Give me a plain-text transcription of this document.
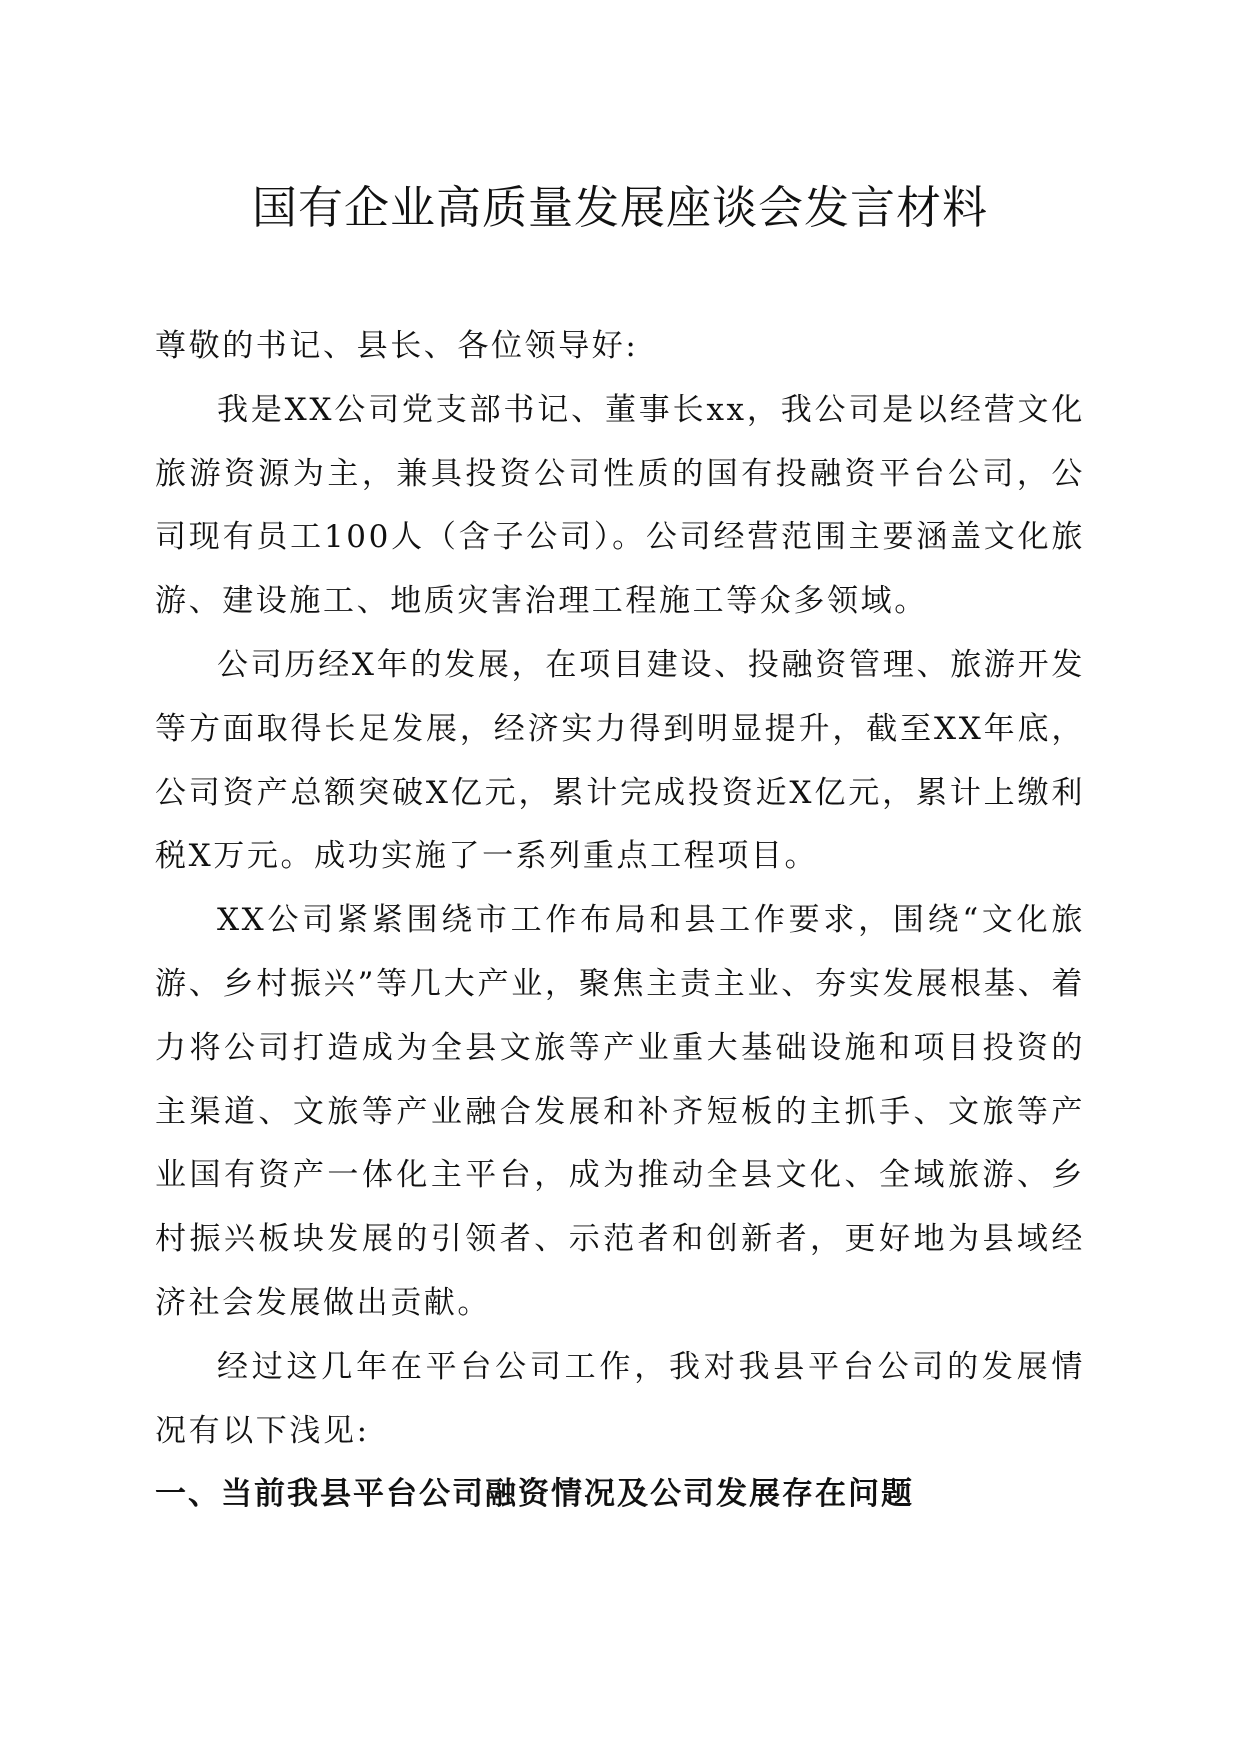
国有企业高质量发展座谈会发言材料

尊敬的书记、县长、各位领导好:

我是XX公司党支部书记、董事长xx，我公司是以经营文化旅游资源为主，兼具投资公司性质的国有投融资平台公司，公司现有员工100人（含子公司）。公司经营范围主要涵盖文化旅游、建设施工、地质灾害治理工程施工等众多领域。

公司历经X年的发展，在项目建设、投融资管理、旅游开发等方面取得长足发展，经济实力得到明显提升，截至XX年底，公司资产总额突破X亿元，累计完成投资近X亿元，累计上缴利税X万元。成功实施了一系列重点工程项目。

XX公司紧紧围绕市工作布局和县工作要求，围绕“文化旅游、乡村振兴”等几大产业，聚焦主责主业、夯实发展根基、着力将公司打造成为全县文旅等产业重大基础设施和项目投资的主渠道、文旅等产业融合发展和补齐短板的主抓手、文旅等产业国有资产一体化主平台，成为推动全县文化、全域旅游、乡村振兴板块发展的引领者、示范者和创新者，更好地为县域经济社会发展做出贡献。

经过这几年在平台公司工作，我对我县平台公司的发展情况有以下浅见:

一、当前我县平台公司融资情况及公司发展存在问题
